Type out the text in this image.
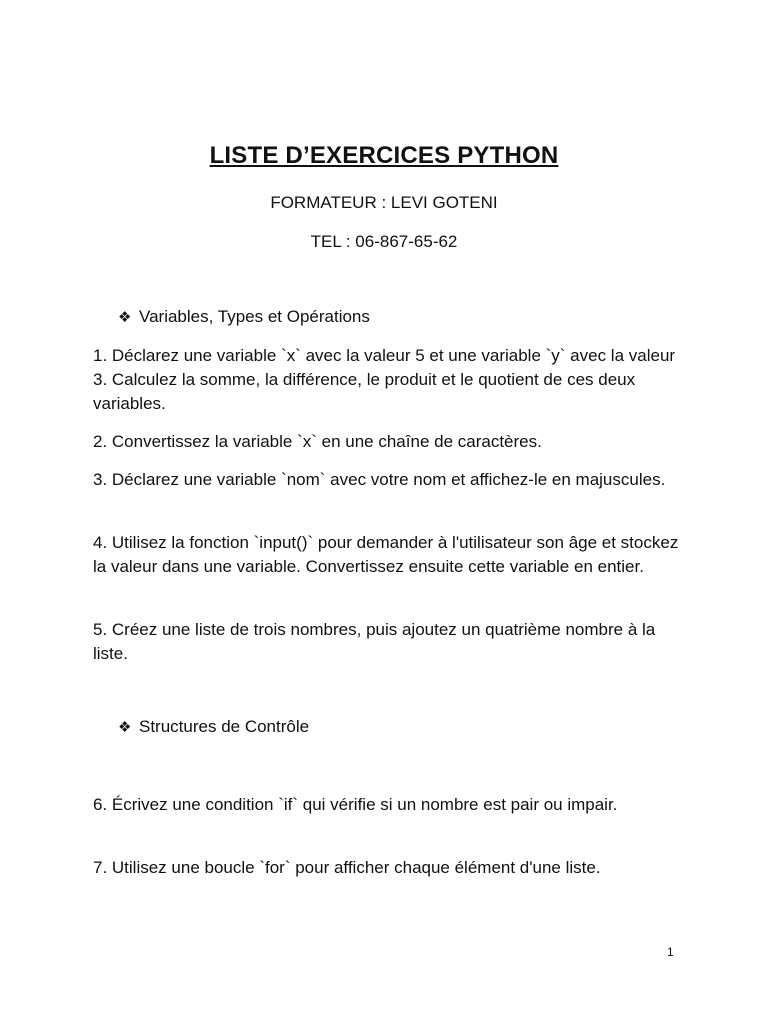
LISTE D’EXERCICES PYTHON
FORMATEUR : LEVI GOTENI
TEL : 06-867-65-62
❖ Variables, Types et Opérations
1. Déclarez une variable `x` avec la valeur 5 et une variable `y` avec la valeur 3. Calculez la somme, la différence, le produit et le quotient de ces deux variables.
2. Convertissez la variable `x` en une chaîne de caractères.
3. Déclarez une variable `nom` avec votre nom et affichez-le en majuscules.
4. Utilisez la fonction `input()` pour demander à l'utilisateur son âge et stockez la valeur dans une variable. Convertissez ensuite cette variable en entier.
5. Créez une liste de trois nombres, puis ajoutez un quatrième nombre à la liste.
❖ Structures de Contrôle
6. Écrivez une condition `if` qui vérifie si un nombre est pair ou impair.
7. Utilisez une boucle `for` pour afficher chaque élément d'une liste.
1
